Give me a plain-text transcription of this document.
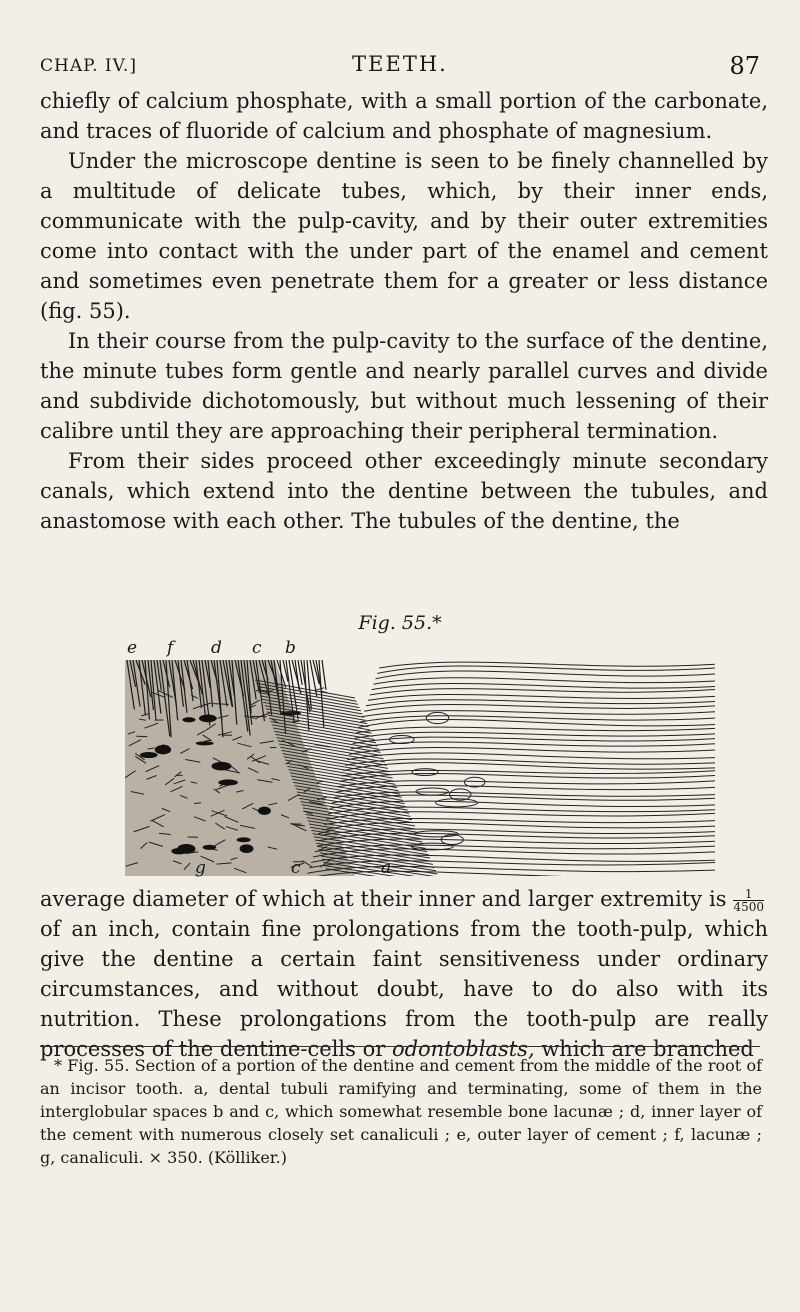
CHAP. IV.]	TEETH.	87

chiefly of calcium phosphate, with a small portion of the carbonate, and traces of fluoride of calcium and phosphate of magnesium.

Under the microscope dentine is seen to be finely channelled by a multitude of delicate tubes, which, by their inner ends, communicate with the pulp-cavity, and by their outer extremities come into contact with the under part of the enamel and cement and sometimes even penetrate them for a greater or less distance (fig. 55).

In their course from the pulp-cavity to the surface of the dentine, the minute tubes form gentle and nearly parallel curves and divide and subdivide dichotomously, but without much lessening of their calibre until they are approaching their peripheral termination.

From their sides proceed other exceedingly minute secondary canals, which extend into the dentine between the tubules, and anastomose with each other. The tubules of the dentine, the

Fig. 55.*
e f d c b
g	c	a

average diameter of which at their inner and larger extremity is $\frac{1}{4500}$
of an inch, contain fine prolongations from the tooth-pulp, which give the dentine a certain faint sensitiveness under ordinary circumstances, and without doubt, have to do also with its nutrition. These prolongations from the tooth-pulp are really processes of the dentine-cells or odontoblasts, which are branched

* Fig. 55. Section of a portion of the dentine and cement from the middle of the root of an incisor tooth. a, dental tubuli ramifying and terminating, some of them in the interglobular spaces b and c, which somewhat resemble bone lacunæ ; d, inner layer of the cement with numerous closely set canaliculi ; e, outer layer of cement ; f, lacunæ ; g, canaliculi. × 350. (Kölliker.)
